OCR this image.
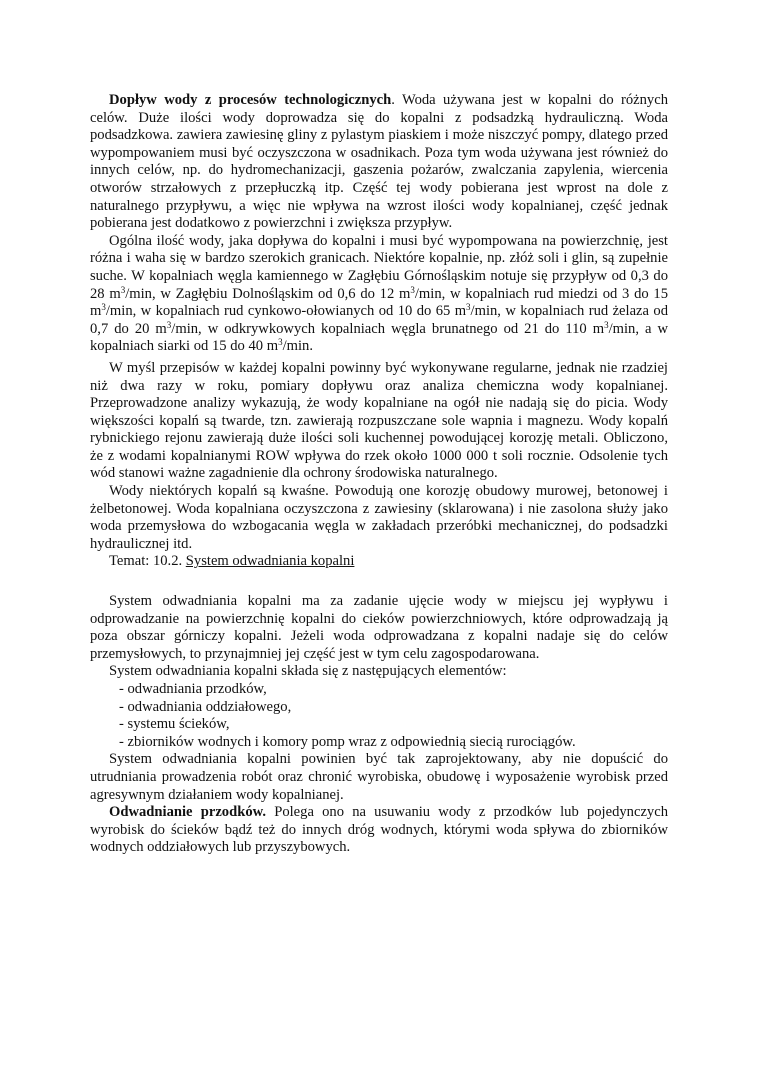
Dopływ wody z procesów technologicznych. Woda używana jest w kopalni do różnych celów. Duże ilości wody doprowadza się do kopalni z podsadzką hydrauliczną. Woda podsadzkowa. zawiera zawiesinę gliny z pylastym piaskiem i może niszczyć pompy, dlatego przed wypompowaniem musi być oczyszczona w osadnikach. Poza tym woda używana jest również do innych celów, np. do hydromechanizacji, gaszenia pożarów, zwalczania zapylenia, wiercenia otworów strzałowych z przepłuczką itp. Część tej wody pobierana jest wprost na dole z naturalnego przypływu, a więc nie wpływa na wzrost ilości wody kopalnianej, część jednak pobierana jest dodatkowo z powierzchni i zwiększa przypływ.

Ogólna ilość wody, jaka dopływa do kopalni i musi być wypompowana na powierzchnię, jest różna i waha się w bardzo szerokich granicach. Niektóre kopalnie, np. złóż soli i glin, są zupełnie suche. W kopalniach węgla kamiennego w Zagłębiu Górnośląskim notuje się przypływ od 0,3 do 28 $m^3/\min$, w Zagłębiu Dolnośląskim od 0,6 do 12 $m^3/\min$, w kopalniach rud miedzi od 3 do 15 $m^3/\min$, w kopalniach rud cynkowo-ołowianych od 10 do 65 $m^3/\min$, w kopalniach rud żelaza od 0,7 do 20 $m^3/\min$, w odkrywkowych kopalniach węgla brunatnego od 21 do 110 $m^3/\min$, a w kopalniach siarki od 15 do 40 $m^3/\min$.

W myśl przepisów w każdej kopalni powinny być wykonywane regularne, jednak nie rzadziej niż dwa razy w roku, pomiary dopływu oraz analiza chemiczna wody kopalnianej. Przeprowadzone analizy wykazują, że wody kopalniane na ogół nie nadają się do picia. Wody większości kopalń są twarde, tzn. zawierają rozpuszczane sole wapnia i magnezu. Wody kopalń rybnickiego rejonu zawierają duże ilości soli kuchennej powodującej korozję metali. Obliczono, że z wodami kopalnianymi ROW wpływa do rzek około 1000 000 t soli rocznie. Odsolenie tych wód stanowi ważne zagadnienie dla ochrony środowiska naturalnego.

Wody niektórych kopalń są kwaśne. Powodują one korozję obudowy murowej, betonowej i żelbetonowej. Woda kopalniana oczyszczona z zawiesiny (sklarowana) i nie zasolona służy jako woda przemysłowa do wzbogacania węgla w zakładach przeróbki mechanicznej, do podsadzki hydraulicznej itd.

Temat: 10.2. System odwadniania kopalni

System odwadniania kopalni ma za zadanie ujęcie wody w miejscu jej wypływu i odprowadzanie na powierzchnię kopalni do cieków powierzchniowych, które odprowadzają ją poza obszar górniczy kopalni. Jeżeli woda odprowadzana z kopalni nadaje się do celów przemysłowych, to przynajmniej jej część jest w tym celu zagospodarowana.

System odwadniania kopalni składa się z następujących elementów:

- odwadniania przodków,
- odwadniania oddziałowego,
- systemu ścieków,
- zbiorników wodnych i komory pomp wraz z odpowiednią siecią rurociągów.

System odwadniania kopalni powinien być tak zaprojektowany, aby nie dopuścić do utrudniania prowadzenia robót oraz chronić wyrobiska, obudowę i wyposażenie wyrobisk przed agresywnym działaniem wody kopalnianej.

Odwadnianie przodków. Polega ono na usuwaniu wody z przodków lub pojedynczych wyrobisk do ścieków bądź też do innych dróg wodnych, którymi woda spływa do zbiorników wodnych oddziałowych lub przyszybowych.
